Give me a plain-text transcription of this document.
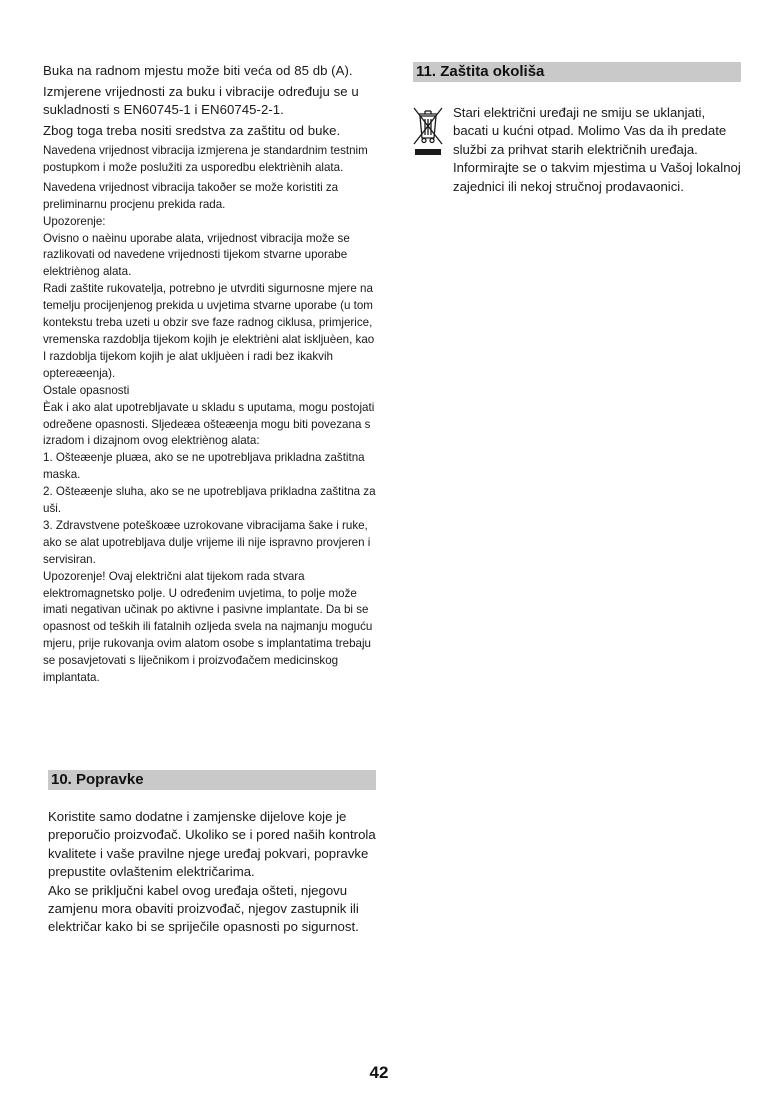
Buka na radnom mjestu može biti veća od 85 db (A).

Izmjerene vrijednosti za buku i vibracije određuju se u sukladnosti s EN60745-1 i EN60745-2-1.

Zbog toga treba nositi sredstva za zaštitu od buke.

Navedena vrijednost vibracija izmjerena je standardnim testnim postupkom i može poslužiti za usporedbu elektriènih alata.

Navedena vrijednost vibracija takoðer se može koristiti za preliminarnu procjenu prekida rada.

Upozorenje:

Ovisno o naèinu uporabe alata, vrijednost vibracija može se razlikovati od navedene vrijednosti tijekom stvarne uporabe elektriènog alata.

Radi zaštite rukovatelja, potrebno je utvrditi sigurnosne mjere na temelju procijenjenog prekida u uvjetima stvarne uporabe (u tom kontekstu treba uzeti u obzir sve faze radnog ciklusa, primjerice, vremenska razdoblja tijekom kojih je elektrièni alat iskljuèen, kao I razdoblja tijekom kojih je alat ukljuèen i radi bez ikakvih optereæenja).

Ostale opasnosti

Èak i ako alat upotrebljavate u skladu s uputama, mogu postojati odreðene opasnosti. Sljedeæa ošteæenja mogu biti povezana s izradom i dizajnom ovog elektriènog alata:

1. Ošteæenje pluæa, ako se ne upotrebljava prikladna zaštitna maska.

2. Ošteæenje sluha, ako se ne upotrebljava prikladna zaštitna za uši.

3. Zdravstvene poteškoæe uzrokovane vibracijama šake i ruke, ako se alat upotrebljava dulje vrijeme ili nije ispravno provjeren i servisiran.

Upozorenje! Ovaj električni alat tijekom rada stvara elektromagnetsko polje. U određenim uvjetima, to polje može imati negativan učinak po aktivne i pasivne implantate. Da bi se opasnost od teških ili fatalnih ozljeda svela na najmanju moguću mjeru, prije rukovanja ovim alatom osobe s implantatima trebaju se posavjetovati s liječnikom i proizvođačem medicinskog implantata.

10. Popravke

Koristite samo dodatne i zamjenske dijelove koje je preporučio proizvođač. Ukoliko se i pored naših kontrola kvalitete i vaše pravilne njege uređaj pokvari, popravke prepustite ovlaštenim električarima.

Ako se priključni kabel ovog uređaja ošteti, njegovu zamjenu mora obaviti proizvođač, njegov zastupnik ili električar kako bi se spriječile opasnosti po sigurnost.

11. Zaštita okoliša
Stari električni uređaji ne smiju se uklanjati, bacati u kućni otpad. Molimo Vas da ih predate službi za prihvat starih električnih uređaja. Informirajte se o takvim mjestima u Vašoj lokalnoj zajednici ili nekoj stručnoj prodavaonici.
42
